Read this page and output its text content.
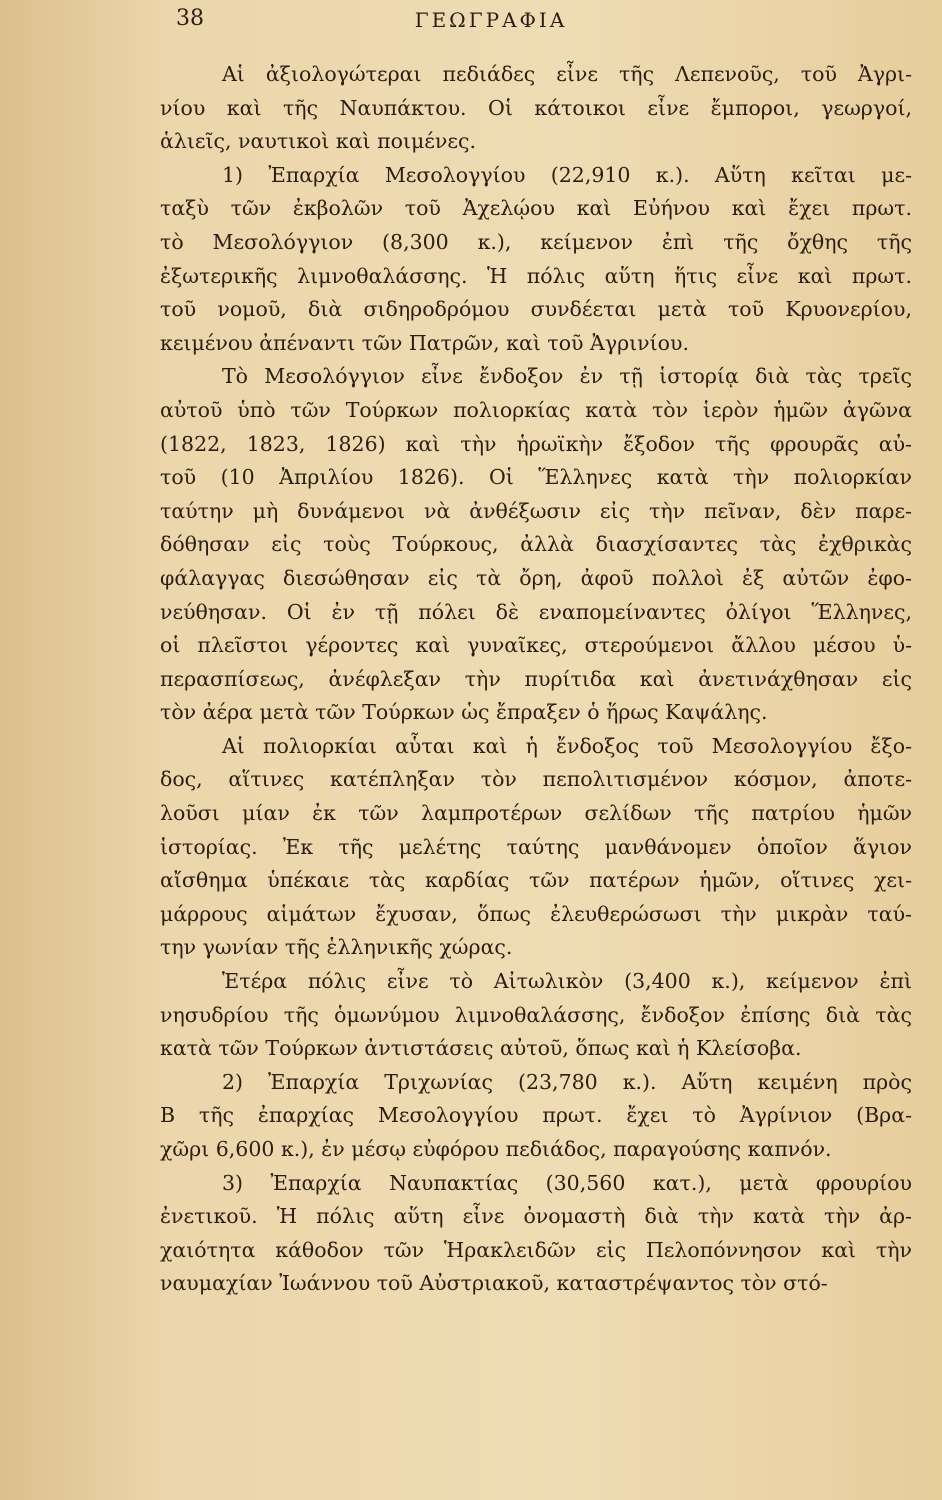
38	ΓΕΩΓΡΑΦΙΑ
Αἱ ἀξιολογώτεραι πεδιάδες εἶνε τῆς Λεπενοῦς, τοῦ Ἀγρι-
νίου καὶ τῆς Ναυπάκτου. Οἱ κάτοικοι εἶνε ἔμποροι, γεωργοί,
ἁλιεῖς, ναυτικοὶ καὶ ποιμένες.
1) Ἐπαρχία Μεσολογγίου (22,910 κ.). Αὕτη κεῖται με-
ταξὺ τῶν ἐκβολῶν τοῦ Ἀχελῴου καὶ Εὐήνου καὶ ἔχει πρωτ.
τὸ Μεσολόγγιον (8,300 κ.), κείμενον ἐπὶ τῆς ὄχθης τῆς
ἐξωτερικῆς λιμνοθαλάσσης. Ἡ πόλις αὕτη ἥτις εἶνε καὶ πρωτ.
τοῦ νομοῦ, διὰ σιδηροδρόμου συνδέεται μετὰ τοῦ Κρυονερίου,
κειμένου ἀπέναντι τῶν Πατρῶν, καὶ τοῦ Ἀγρινίου.
Τὸ Μεσολόγγιον εἶνε ἔνδοξον ἐν τῇ ἱστορίᾳ διὰ τὰς τρεῖς
αὐτοῦ ὑπὸ τῶν Τούρκων πολιορκίας κατὰ τὸν ἱερὸν ἡμῶν ἀγῶνα
(1822, 1823, 1826) καὶ τὴν ἡρωϊκὴν ἔξοδον τῆς φρουρᾶς αὐ-
τοῦ (10 Ἀπριλίου 1826). Οἱ Ἕλληνες κατὰ τὴν πολιορκίαν
ταύτην μὴ δυνάμενοι νὰ ἀνθέξωσιν εἰς τὴν πεῖναν, δὲν παρε-
δόθησαν εἰς τοὺς Τούρκους, ἀλλὰ διασχίσαντες τὰς ἐχθρικὰς
φάλαγγας διεσώθησαν εἰς τὰ ὄρη, ἀφοῦ πολλοὶ ἐξ αὐτῶν ἐφο-
νεύθησαν. Οἱ ἐν τῇ πόλει δὲ εναπομείναντες ὀλίγοι Ἕλληνες,
οἱ πλεῖστοι γέροντες καὶ γυναῖκες, στερούμενοι ἄλλου μέσου ὑ-
περασπίσεως, ἀνέφλεξαν τὴν πυρίτιδα καὶ ἀνετινάχθησαν εἰς
τὸν ἀέρα μετὰ τῶν Τούρκων ὡς ἔπραξεν ὁ ἥρως Καψάλης.
Αἱ πολιορκίαι αὗται καὶ ἡ ἔνδοξος τοῦ Μεσολογγίου ἔξο-
δος, αἵτινες κατέπληξαν τὸν πεπολιτισμένον κόσμον, ἀποτε-
λοῦσι μίαν ἐκ τῶν λαμπροτέρων σελίδων τῆς πατρίου ἡμῶν
ἱστορίας. Ἐκ τῆς μελέτης ταύτης μανθάνομεν ὁποῖον ἅγιον
αἴσθημα ὑπέκαιε τὰς καρδίας τῶν πατέρων ἡμῶν, οἵτινες χει-
μάρρους αἱμάτων ἔχυσαν, ὅπως ἐλευθερώσωσι τὴν μικρὰν ταύ-
την γωνίαν τῆς ἑλληνικῆς χώρας.
Ἑτέρα πόλις εἶνε τὸ Αἰτωλικὸν (3,400 κ.), κείμενον ἐπὶ
νησυδρίου τῆς ὁμωνύμου λιμνοθαλάσσης, ἔνδοξον ἐπίσης διὰ τὰς
κατὰ τῶν Τούρκων ἀντιστάσεις αὐτοῦ, ὅπως καὶ ἡ Κλείσοβα.
2) Ἐπαρχία Τριχωνίας (23,780 κ.). Αὕτη κειμένη πρὸς
Β τῆς ἐπαρχίας Μεσολογγίου πρωτ. ἔχει τὸ Ἀγρίνιον (Βρα-
χῶρι 6,600 κ.), ἐν μέσῳ εὐφόρου πεδιάδος, παραγούσης καπνόν.
3) Ἐπαρχία Ναυπακτίας (30,560 κατ.), μετὰ φρουρίου
ἐνετικοῦ. Ἡ πόλις αὕτη εἶνε ὀνομαστὴ διὰ τὴν κατὰ τὴν ἀρ-
χαιότητα κάθοδον τῶν Ἡρακλειδῶν εἰς Πελοπόννησον καὶ τὴν
ναυμαχίαν Ἰωάννου τοῦ Αὐστριακοῦ, καταστρέψαντος τὸν στό-
